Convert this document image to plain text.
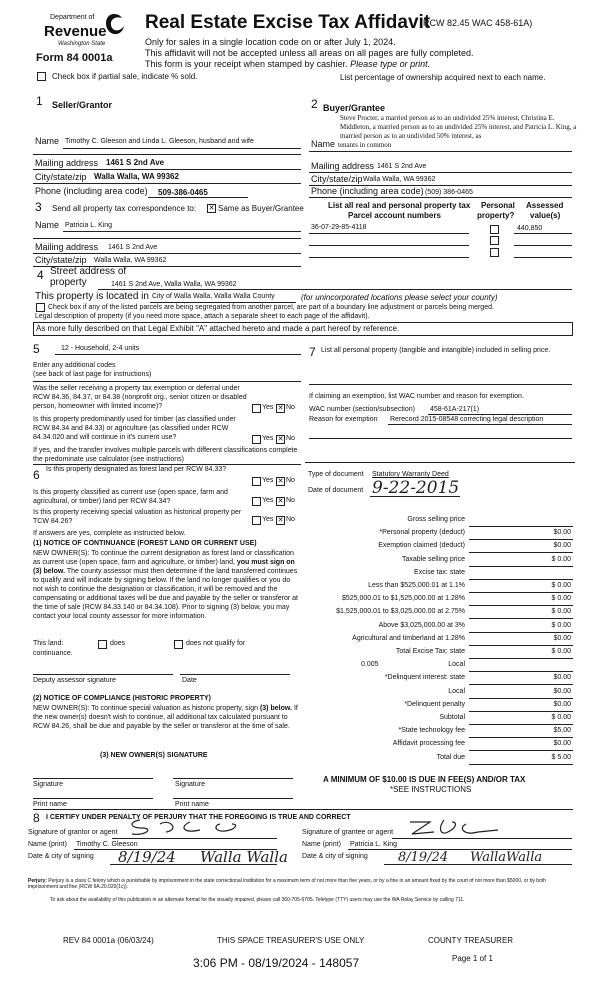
Department of
Revenue
Washington State
Form 84 0001a
Real Estate Excise Tax Affidavit
(RCW 82.45 WAC 458-61A)
Only for sales in a single location code on or after July 1, 2024.
This affidavit will not be accepted unless all areas on all pages are fully completed.
This form is your receipt when stamped by cashier. Please type or print.
Check box if partial sale, indicate % sold.	List percentage of ownership acquired next to each name.
1 Seller/Grantor
Name Timothy C. Gleeson and Linda L. Gleeson, husband and wife
Mailing address 1461 S 2nd Ave
City/state/zip Walla Walla, WA 99362
Phone (including area code) 509-386-0465
2 Buyer/Grantee
Steve Procter, a married person as to an undivided 25% interest, Christina E. Middleton, a married person as to an undivided 25% interest, and Patricia L. King, a married person as to an undivided 50% interest, as
Name tenants in common
Mailing address 1461 S 2nd Ave
City/state/zip Walla Walla, WA 99362
Phone (including area code) (509) 386-0465
3 Send all property tax correspondence to: ✕ Same as Buyer/Grantee
Name Patricia L. King
Mailing address 1461 S 2nd Ave
City/state/zip Walla Walla, WA 99362
List all real and personal property tax
Parcel account numbers
Personal
property?
Assessed
value(s)
36-07-29-85-4118	440,850
4 Street address of
property	1461 S 2nd Ave, Walla Walla, WA 99362
This property is located in City of Walla Walla, Walla Walla County	(for unincorporated locations please select your county)
Check box if any of the listed parcels are being segregated from another parcel, are part of a boundary line adjustment or parcels being merged.
Legal description of property (if you need more space, attach a separate sheet to each page of the affidavit).
As more fully described on that Legal Exhibit "A" attached hereto and made a part hereof by reference.
5	12 - Household, 2-4 units
Enter any additional codes
(see back of last page for instructions)
Was the seller receiving a property tax exemption or deferral under RCW 84.36, 84.37, or 84.38 (nonprofit org., senior citizen or disabled person, homeowner with limited income)?	Yes ✕ No
Is this property predominantly used for timber (as classified under RCW 84.34 and 84.33) or agriculture (as classified under RCW 84.34.020 and will continue in it's current use?	Yes ✕ No
If yes, and the transfer involves multiple parcels with different classifications complete the predominate use calculator (see instructions)
6 Is this property designated as forest land per RCW 84.33?
Yes ✕ No
Is this property classified as current use (open space, farm and agricultural, or timber) land per RCW 84.34?	Yes ✕ No
Is this property receiving special valuation as historical property per TCW 84.26?	Yes ✕ No
If answers are yes, complete as instructed below.
(1) NOTICE OF CONTINUANCE (FOREST LAND OR CURRENT USE)
NEW OWNER(S): To continue the current designation as forest land or classification as current use (open space, farm and agriculture, or timber) land, you must sign on (3) below. The county assessor must then determine if the land transferred continues to qualify and will indicate by signing below. If the land no longer qualifies or you do not wish to continue the designation or classification, it will be removed and the compensating or additional taxes will be due and payable by the seller or transferor at the time of sale (RCW 84.33.140 or 84.34.108). Prior to signing (3) below, you may contact your local county assessor for more information.
This land:	does	does not qualify for
continuance.
Deputy assessor signature	Date
(2) NOTICE OF COMPLIANCE (HISTORIC PROPERTY)
NEW OWNER(S): To continue special valuation as historic property, sign (3) below. If the new owner(s) doesn't wish to continue, all additional tax calculated pursuant to RCW 84.26, shall be due and payable by the seller or transferor at the time of sale.
(3) NEW OWNER(S) SIGNATURE
Signature	Signature
Print name	Print name
7 List all personal property (tangible and intangible) included in selling price.
If claiming an exemption, list WAC number and reason for exemption.
WAC number (section/subsection) 458-61A-217(1)
Reason for exemption Rerecord 2015-08548 correcting legal description
Type of document Statutory Warranty Deed
Date of document 9-22-2015
Gross selling price
*Personal property (deduct)	$0.00
Exemption claimed (deduct)	$0.00
Taxable selling price	$ 0.00
Excise tax: state
Less than $525,000.01 at 1.1%	$ 0.00
$525,000.01 to $1,525,000.00 at 1.28%	$ 0.00
$1,525,000.01 to $3,025,000.00 at 2.75%	$ 0.00
Above $3,025,000.00 at 3%	$ 0.00
Agricultural and timberland at 1.28%	$0.00
Total Excise Tax: state	$ 0.00
Local
0.005
*Delinquent interest: state	$0.00
Local	$0.00
*Delinquent penalty	$0.00
Subtotal	$ 0.00
*State technology fee	$5.00
Affidavit processing fee	$0.00
Total due	$ 5.00
A MINIMUM OF $10.00 IS DUE IN FEE(S) AND/OR TAX
*SEE INSTRUCTIONS
8 I CERTIFY UNDER PENALTY OF PERJURY THAT THE FOREGOING IS TRUE AND CORRECT
Signature of grantor or agent	Signature of grantee or agent
Name (print) Timothy C. Gleeson	Name (print) Patricia L. King
Date & city of signing 8/19/24 Walla Walla Date & city of signing 8/19/24 WallaWalla
Perjury: Perjury is a class C felony which is punishable by imprisonment in the state correctional institution for a maximum term of not more than five years, or by a fine in an amount fixed by the court of not more than $5000, or by both imprisonment and fine (RCW 9A.20.020(1c)).
To ask about the availability of this publication in an alternate format for the visually impaired, please call 360-705-6705. Teletype (TTY) users may use the WA Relay Service by calling 711.
REV 84 0001a (06/03/24)	THIS SPACE TREASURER'S USE ONLY	COUNTY TREASURER
Page 1 of 1
3:06 PM - 08/19/2024 - 148057
